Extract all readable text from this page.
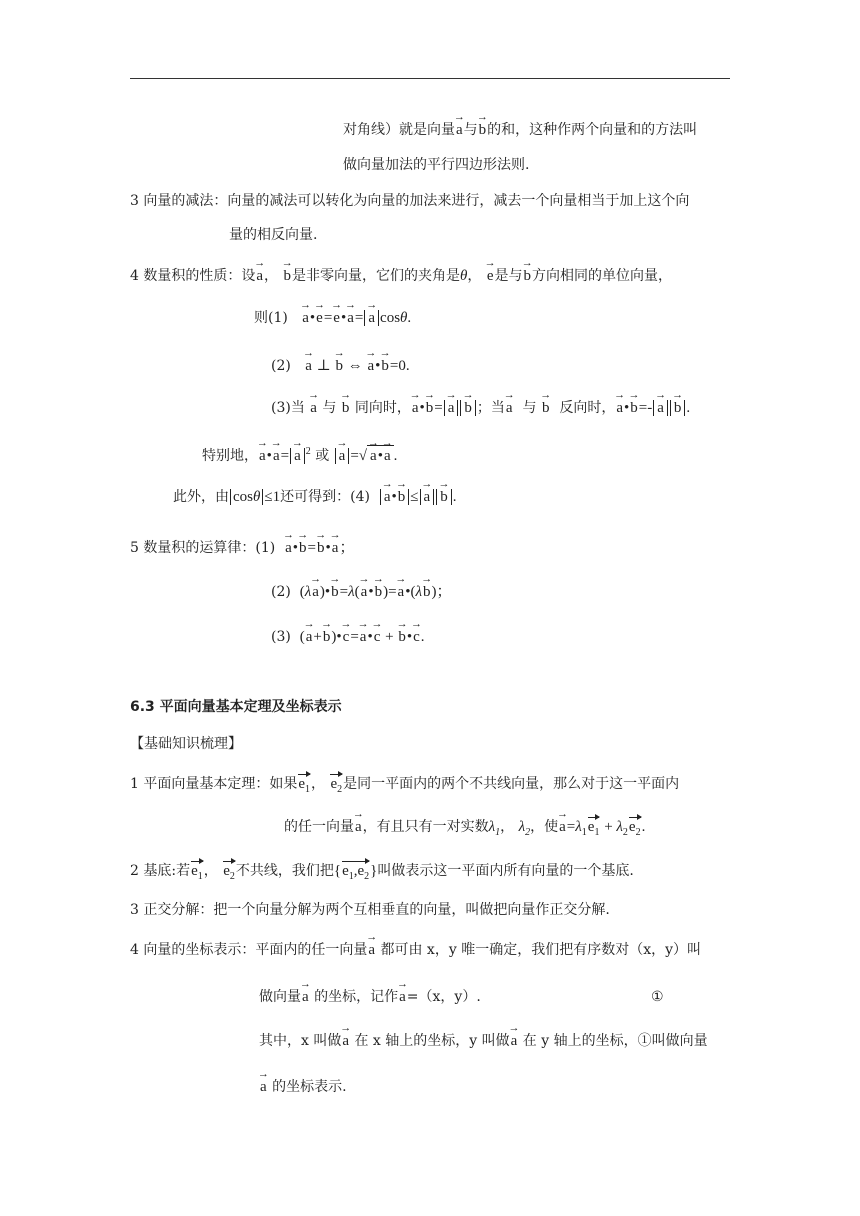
对角线）就是向量a →与b →的和，这种作两个向量和的方法叫
做向量加法的平行四边形法则.
3 向量的减法：向量的减法可以转化为向量的加法来进行，减去一个向量相当于加上这个向
量的相反向量.
4 数量积的性质：设a →， b →是非零向量，它们的夹角是θ， e →是与b →方向相同的单位向量，
则(1) a →•e →=e →•a →= a → cosθ.
(2) a → ⊥ b → ⇔ a →•b →=0.
(3)当 a → 与 b → 同向时，a →•b →= a → b → ；当a → 与 b → 反向时，a →•b →=- a → b → .
特别地，a →•a →= a → $^2$ 或 a → =√ a →•a → .
此外，由 cosθ ≤1还可得到：(4) a →•b → ≤ a → b → .
5 数量积的运算律：(1) a →•b →=b →•a →；
(2) (λa →)•b →=λ(a →•b →)=a →•(λb →)；
(3) (a →+b →)•c →=a →•c → + b →•c →.
6.3 平面向量基本定理及坐标表示
【基础知识梳理】
1 平面向量基本定理：如果$e_1$， $e_2$是同一平面内的两个不共线向量，那么对于这一平面内
的任一向量a →，有且只有一对实数$\lambda_1$， $\lambda_2$，使$a \to=\lambda_1e_1 + \lambda_2e_2$.
2 基底:若$e_1$， $e_2$不共线，我们把$\{e_1,e_2\}$叫做表示这一平面内所有向量的一个基底.
3 正交分解：把一个向量分解为两个互相垂直的向量，叫做把向量作正交分解.
4 向量的坐标表示：平面内的任一向量a → 都可由 x，y 唯一确定，我们把有序数对（x，y）叫
做向量a → 的坐标，记作a →=（x，y）.	①
其中，x 叫做a → 在 x 轴上的坐标，y 叫做a → 在 y 轴上的坐标，①叫做向量
a → 的坐标表示.
